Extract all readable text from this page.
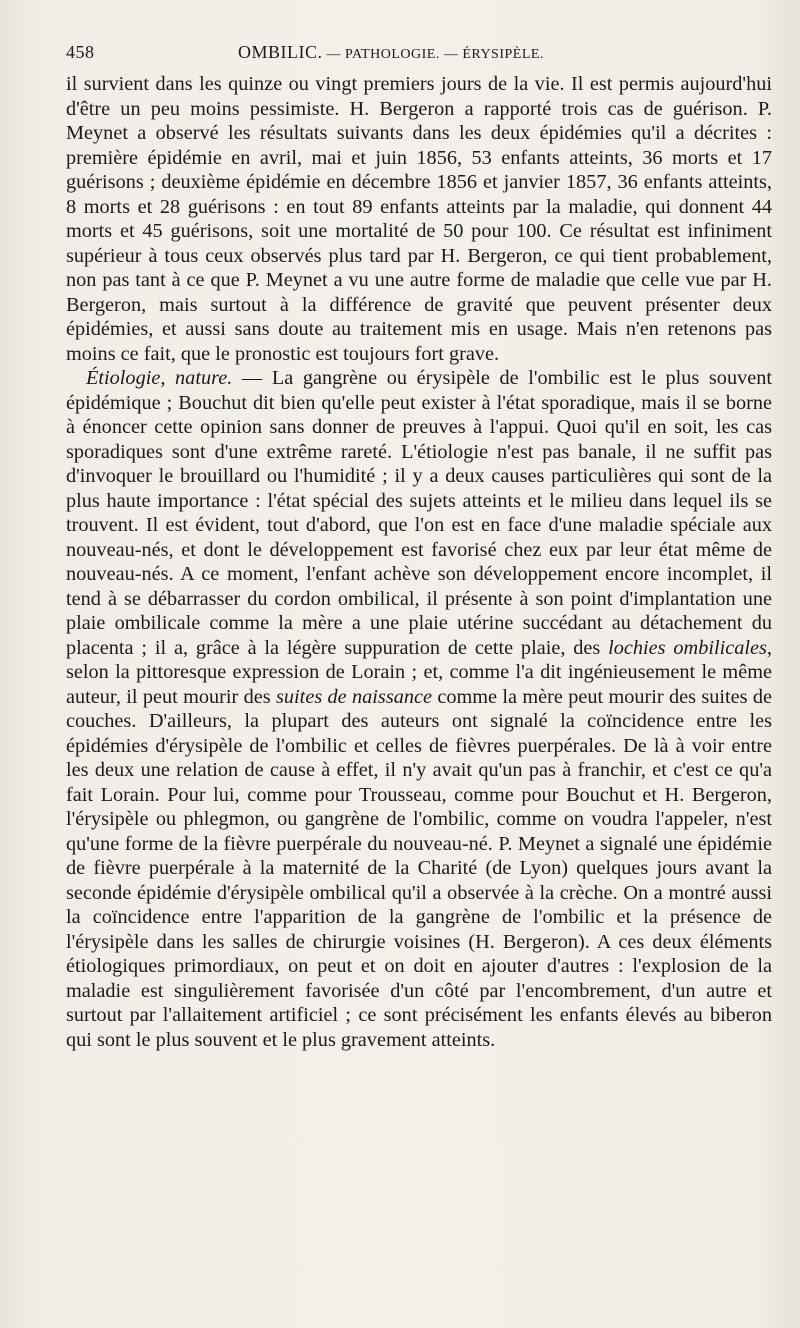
458	OMBILIC. — PATHOLOGIE. — ÉRYSIPÈLE.

il survient dans les quinze ou vingt premiers jours de la vie. Il est permis aujourd'hui d'être un peu moins pessimiste. H. Bergeron a rapporté trois cas de guérison. P. Meynet a observé les résultats suivants dans les deux épidémies qu'il a décrites : première épidémie en avril, mai et juin 1856, 53 enfants atteints, 36 morts et 17 guérisons ; deuxième épidémie en décembre 1856 et janvier 1857, 36 enfants atteints, 8 morts et 28 guérisons : en tout 89 enfants atteints par la maladie, qui donnent 44 morts et 45 guérisons, soit une mortalité de 50 pour 100. Ce résultat est infiniment supérieur à tous ceux observés plus tard par H. Bergeron, ce qui tient probablement, non pas tant à ce que P. Meynet a vu une autre forme de maladie que celle vue par H. Bergeron, mais surtout à la différence de gravité que peuvent présenter deux épidémies, et aussi sans doute au traitement mis en usage. Mais n'en retenons pas moins ce fait, que le pronostic est toujours fort grave.

Étiologie, nature. — La gangrène ou érysipèle de l'ombilic est le plus souvent épidémique ; Bouchut dit bien qu'elle peut exister à l'état sporadique, mais il se borne à énoncer cette opinion sans donner de preuves à l'appui. Quoi qu'il en soit, les cas sporadiques sont d'une extrême rareté. L'étiologie n'est pas banale, il ne suffit pas d'invoquer le brouillard ou l'humidité ; il y a deux causes particulières qui sont de la plus haute importance : l'état spécial des sujets atteints et le milieu dans lequel ils se trouvent. Il est évident, tout d'abord, que l'on est en face d'une maladie spéciale aux nouveau-nés, et dont le développement est favorisé chez eux par leur état même de nouveau-nés. A ce moment, l'enfant achève son développement encore incomplet, il tend à se débarrasser du cordon ombilical, il présente à son point d'implantation une plaie ombilicale comme la mère a une plaie utérine succédant au détachement du placenta ; il a, grâce à la légère suppuration de cette plaie, des lochies ombilicales, selon la pittoresque expression de Lorain ; et, comme l'a dit ingénieusement le même auteur, il peut mourir des suites de naissance comme la mère peut mourir des suites de couches. D'ailleurs, la plupart des auteurs ont signalé la coïncidence entre les épidémies d'érysipèle de l'ombilic et celles de fièvres puerpérales. De là à voir entre les deux une relation de cause à effet, il n'y avait qu'un pas à franchir, et c'est ce qu'a fait Lorain. Pour lui, comme pour Trousseau, comme pour Bouchut et H. Bergeron, l'érysipèle ou phlegmon, ou gangrène de l'ombilic, comme on voudra l'appeler, n'est qu'une forme de la fièvre puerpérale du nouveau-né. P. Meynet a signalé une épidémie de fièvre puerpérale à la maternité de la Charité (de Lyon) quelques jours avant la seconde épidémie d'érysipèle ombilical qu'il a observée à la crèche. On a montré aussi la coïncidence entre l'apparition de la gangrène de l'ombilic et la présence de l'érysipèle dans les salles de chirurgie voisines (H. Bergeron). A ces deux éléments étiologiques primordiaux, on peut et on doit en ajouter d'autres : l'explosion de la maladie est singulièrement favorisée d'un côté par l'encombrement, d'un autre et surtout par l'allaitement artificiel ; ce sont précisément les enfants élevés au biberon qui sont le plus souvent et le plus gravement atteints.
